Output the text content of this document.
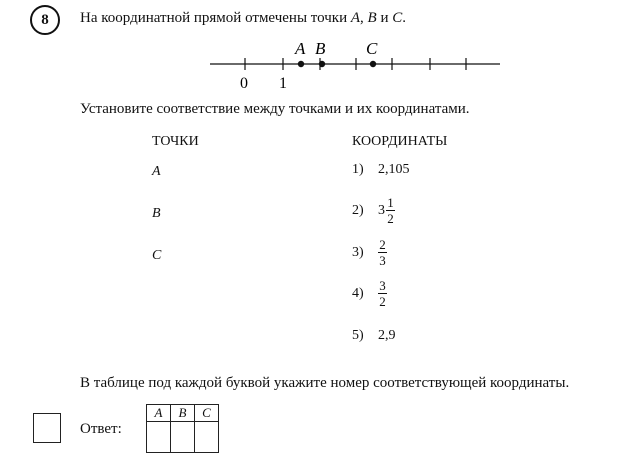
8 На координатной прямой отмечены точки A, B и C.
A B C
0 1
Установите соответствие между точками и их координатами.
ТОЧКИ	КООРДИНАТЫ
A
B
C
1)	2,105
2)	$3 \frac{1}{2}$
3)	$\frac{2}{3}$
4)	$\frac{3}{2}$
5)	2,9
В таблице под каждой буквой укажите номер соответствующей координаты.
Ответ:
A	B	C
